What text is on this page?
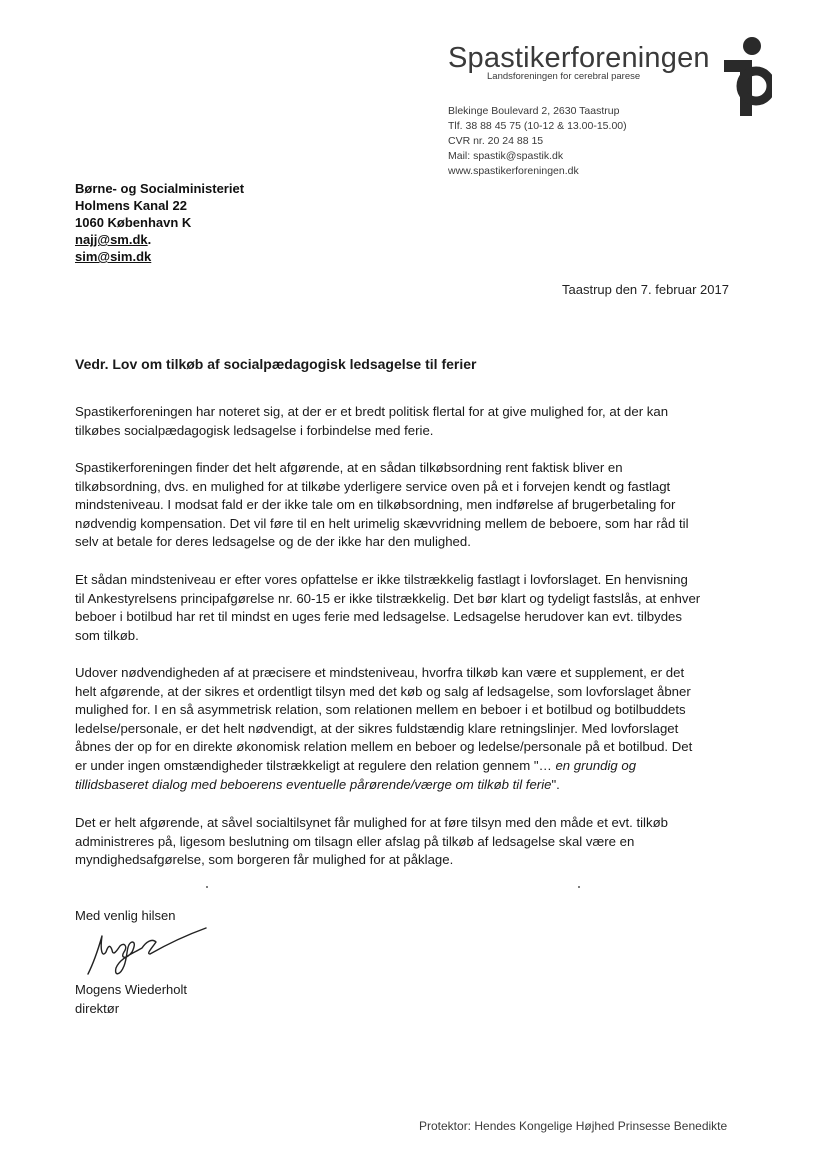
Spastikerforeningen
Landsforeningen for cerebral parese
Blekinge Boulevard 2, 2630 Taastrup
Tlf. 38 88 45 75 (10-12 & 13.00-15.00)
CVR nr. 20 24 88 15
Mail: spastik@spastik.dk
www.spastikerforeningen.dk
Børne- og Socialministeriet
Holmens Kanal 22
1060 København K
najj@sm.dk.
sim@sim.dk
Taastrup den 7. februar 2017
Vedr. Lov om tilkøb af socialpædagogisk ledsagelse til ferier
Spastikerforeningen har noteret sig, at der er et bredt politisk flertal for at give mulighed for, at der kan
tilkøbes socialpædagogisk ledsagelse i forbindelse med ferie.
Spastikerforeningen finder det helt afgørende, at en sådan tilkøbsordning rent faktisk bliver en
tilkøbsordning, dvs. en mulighed for at tilkøbe yderligere service oven på et i forvejen kendt og fastlagt
mindsteniveau. I modsat fald er der ikke tale om en tilkøbsordning, men indførelse af brugerbetaling for
nødvendig kompensation. Det vil føre til en helt urimelig skævvridning mellem de beboere, som har råd til
selv at betale for deres ledsagelse og de der ikke har den mulighed.
Et sådan mindsteniveau er efter vores opfattelse er ikke tilstrækkelig fastlagt i lovforslaget. En henvisning
til Ankestyrelsens principafgørelse nr. 60-15 er ikke tilstrækkelig. Det bør klart og tydeligt fastslås, at enhver
beboer i botilbud har ret til mindst en uges ferie med ledsagelse. Ledsagelse herudover kan evt. tilbydes
som tilkøb.
Udover nødvendigheden af at præcisere et mindsteniveau, hvorfra tilkøb kan være et supplement, er det
helt afgørende, at der sikres et ordentligt tilsyn med det køb og salg af ledsagelse, som lovforslaget åbner
mulighed for. I en så asymmetrisk relation, som relationen mellem en beboer i et botilbud og botilbuddets
ledelse/personale, er det helt nødvendigt, at der sikres fuldstændig klare retningslinjer. Med lovforslaget
åbnes der op for en direkte økonomisk relation mellem en beboer og ledelse/personale på et botilbud. Det
er under ingen omstændigheder tilstrækkeligt at regulere den relation gennem "… en grundig og
tillidsbaseret dialog med beboerens eventuelle pårørende/værge om tilkøb til ferie".
Det er helt afgørende, at såvel socialtilsynet får mulighed for at føre tilsyn med den måde et evt. tilkøb
administreres på, ligesom beslutning om tilsagn eller afslag på tilkøb af ledsagelse skal være en
myndighedsafgørelse, som borgeren får mulighed for at påklage.
Med venlig hilsen
Mogens Wiederholt
direktør
Protektor: Hendes Kongelige Højhed Prinsesse Benedikte
